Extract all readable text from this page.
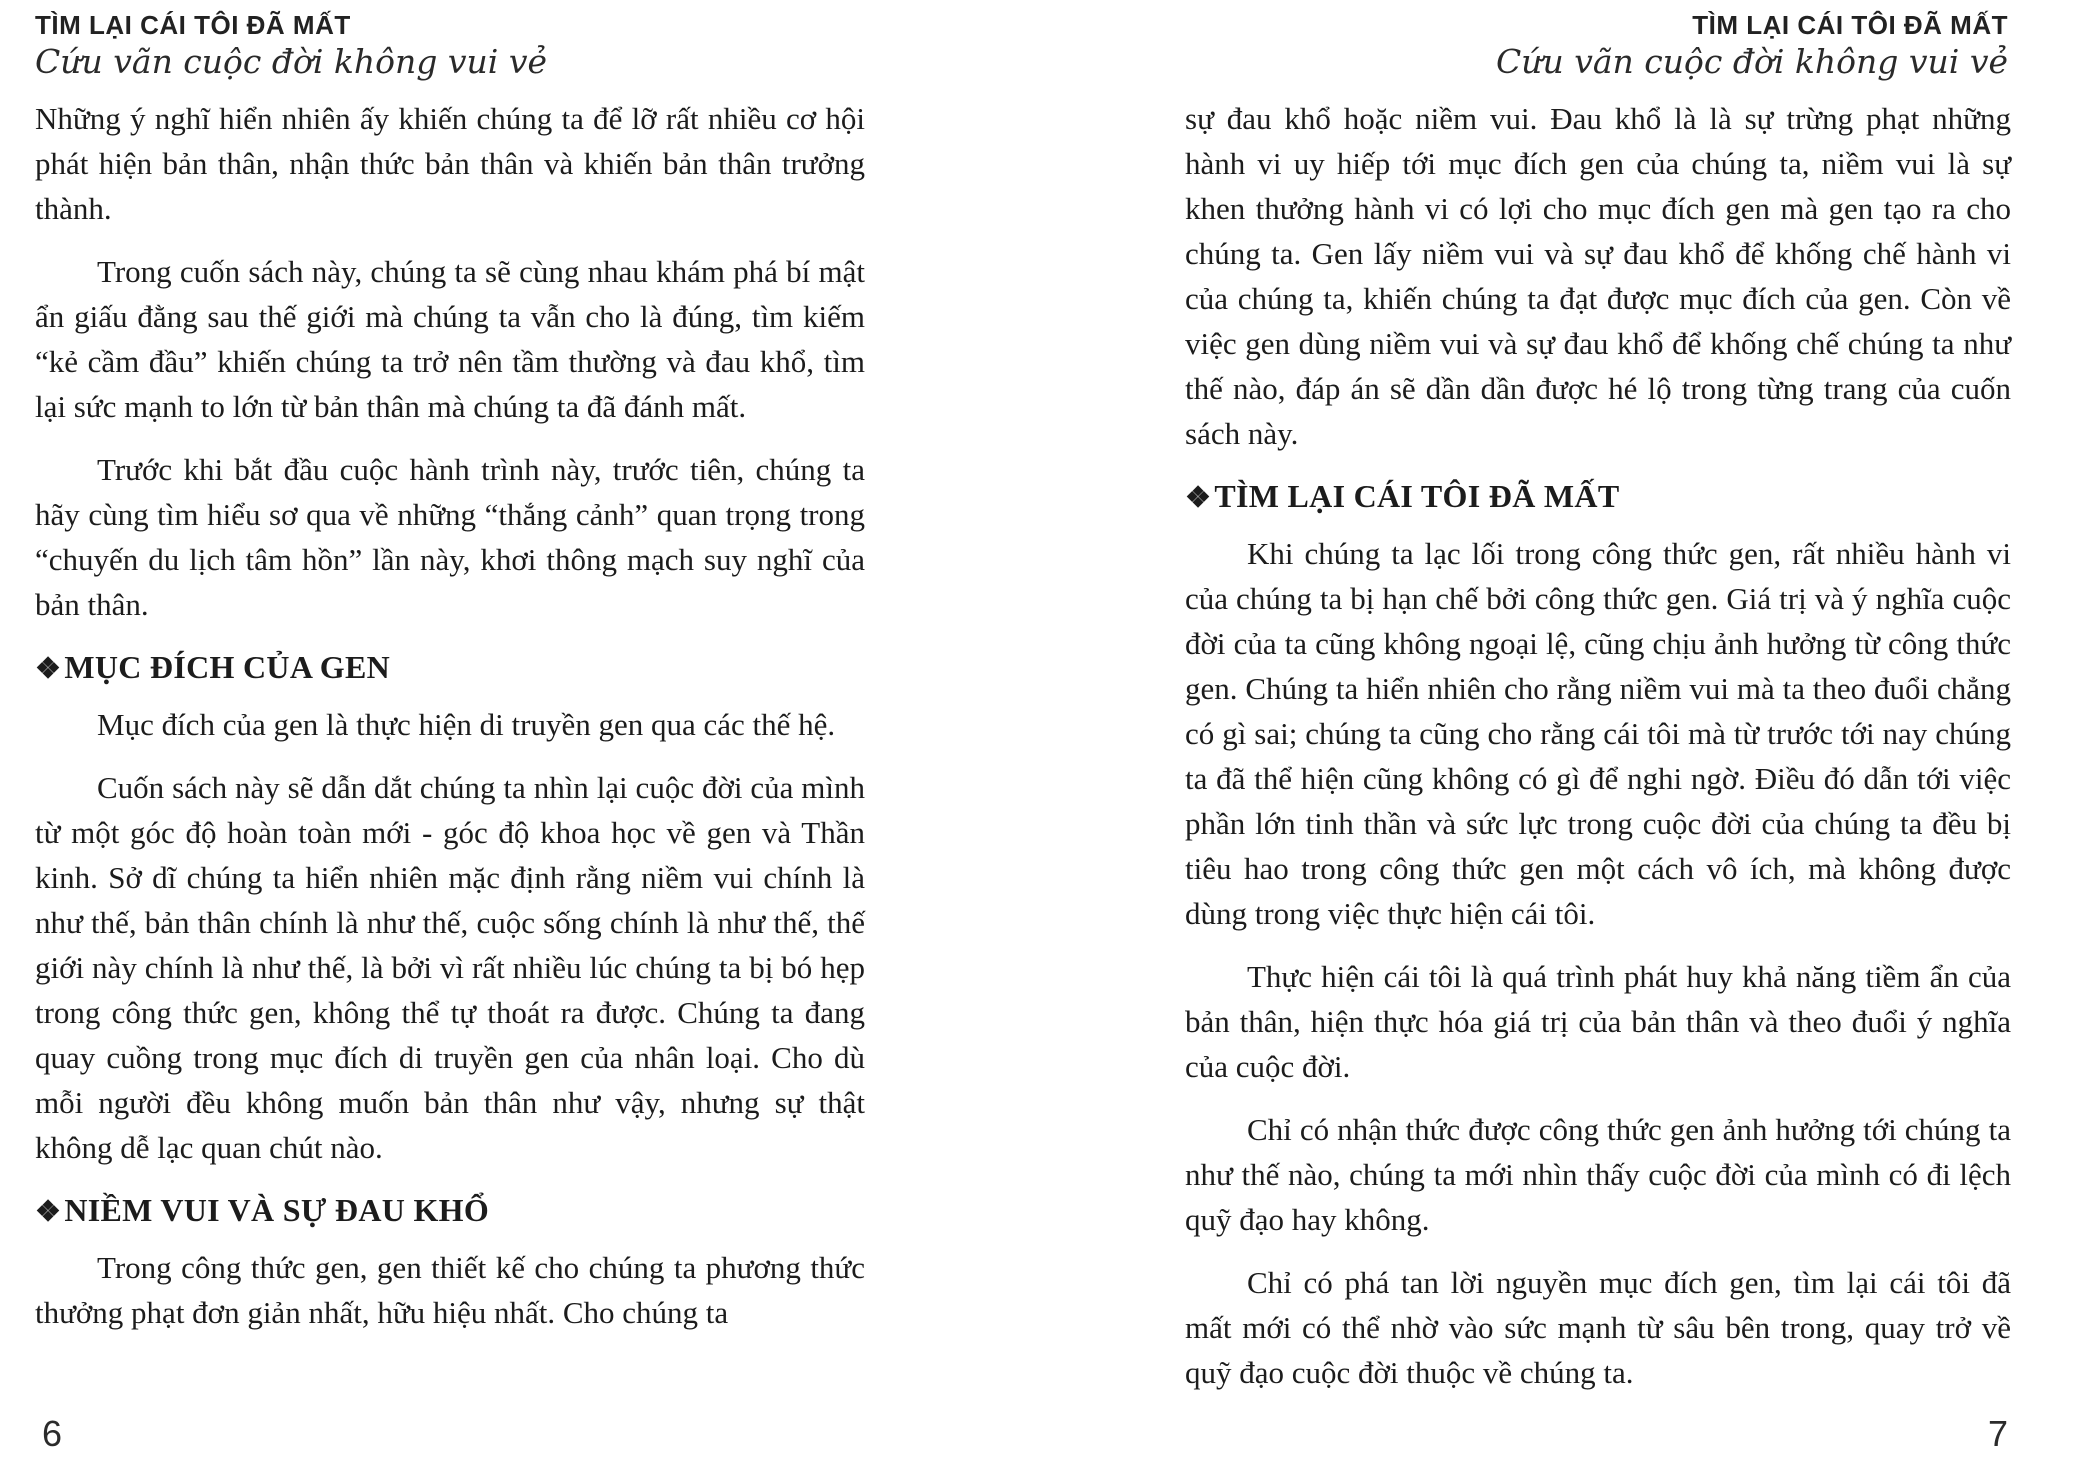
TÌM LẠI CÁI TÔI ĐÃ MẤT
Cứu vãn cuộc đời không vui vẻ

Những ý nghĩ hiển nhiên ấy khiến chúng ta để lỡ rất nhiều cơ hội phát hiện bản thân, nhận thức bản thân và khiến bản thân trưởng thành.

Trong cuốn sách này, chúng ta sẽ cùng nhau khám phá bí mật ẩn giấu đằng sau thế giới mà chúng ta vẫn cho là đúng, tìm kiếm “kẻ cầm đầu” khiến chúng ta trở nên tầm thường và đau khổ, tìm lại sức mạnh to lớn từ bản thân mà chúng ta đã đánh mất.

Trước khi bắt đầu cuộc hành trình này, trước tiên, chúng ta hãy cùng tìm hiểu sơ qua về những “thắng cảnh” quan trọng trong “chuyến du lịch tâm hồn” lần này, khơi thông mạch suy nghĩ của bản thân.

❖MỤC ĐÍCH CỦA GEN

Mục đích của gen là thực hiện di truyền gen qua các thế hệ.

Cuốn sách này sẽ dẫn dắt chúng ta nhìn lại cuộc đời của mình từ một góc độ hoàn toàn mới - góc độ khoa học về gen và Thần kinh. Sở dĩ chúng ta hiển nhiên mặc định rằng niềm vui chính là như thế, bản thân chính là như thế, cuộc sống chính là như thế, thế giới này chính là như thế, là bởi vì rất nhiều lúc chúng ta bị bó hẹp trong công thức gen, không thể tự thoát ra được. Chúng ta đang quay cuồng trong mục đích di truyền gen của nhân loại. Cho dù mỗi người đều không muốn bản thân như vậy, nhưng sự thật không dễ lạc quan chút nào.

❖NIỀM VUI VÀ SỰ ĐAU KHỔ

Trong công thức gen, gen thiết kế cho chúng ta phương thức thưởng phạt đơn giản nhất, hữu hiệu nhất. Cho chúng ta

6
TÌM LẠI CÁI TÔI ĐÃ MẤT
Cứu vãn cuộc đời không vui vẻ

sự đau khổ hoặc niềm vui. Đau khổ là là sự trừng phạt những hành vi uy hiếp tới mục đích gen của chúng ta, niềm vui là sự khen thưởng hành vi có lợi cho mục đích gen mà gen tạo ra cho chúng ta. Gen lấy niềm vui và sự đau khổ để khống chế hành vi của chúng ta, khiến chúng ta đạt được mục đích của gen. Còn về việc gen dùng niềm vui và sự đau khổ để khống chế chúng ta như thế nào, đáp án sẽ dần dần được hé lộ trong từng trang của cuốn sách này.

❖TÌM LẠI CÁI TÔI ĐÃ MẤT

Khi chúng ta lạc lối trong công thức gen, rất nhiều hành vi của chúng ta bị hạn chế bởi công thức gen. Giá trị và ý nghĩa cuộc đời của ta cũng không ngoại lệ, cũng chịu ảnh hưởng từ công thức gen. Chúng ta hiển nhiên cho rằng niềm vui mà ta theo đuổi chẳng có gì sai; chúng ta cũng cho rằng cái tôi mà từ trước tới nay chúng ta đã thể hiện cũng không có gì để nghi ngờ. Điều đó dẫn tới việc phần lớn tinh thần và sức lực trong cuộc đời của chúng ta đều bị tiêu hao trong công thức gen một cách vô ích, mà không được dùng trong việc thực hiện cái tôi.

Thực hiện cái tôi là quá trình phát huy khả năng tiềm ẩn của bản thân, hiện thực hóa giá trị của bản thân và theo đuổi ý nghĩa của cuộc đời.

Chỉ có nhận thức được công thức gen ảnh hưởng tới chúng ta như thế nào, chúng ta mới nhìn thấy cuộc đời của mình có đi lệch quỹ đạo hay không.

Chỉ có phá tan lời nguyền mục đích gen, tìm lại cái tôi đã mất mới có thể nhờ vào sức mạnh từ sâu bên trong, quay trở về quỹ đạo cuộc đời thuộc về chúng ta.

7
